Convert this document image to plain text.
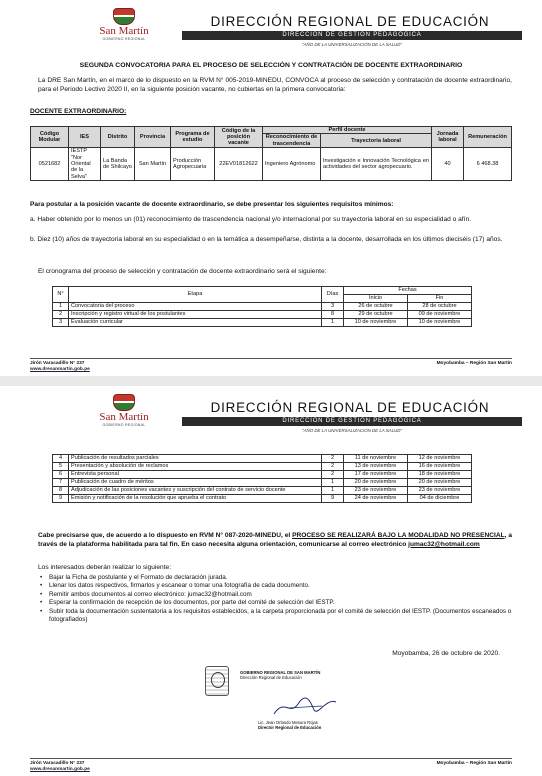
San Martín
GOBIERNO REGIONAL
DIRECCIÓN REGIONAL DE EDUCACIÓN
DIRECCIÓN DE GESTIÓN PEDAGÓGICA
"AÑO DE LA UNIVERSALIZACIÓN DE LA SALUD"
SEGUNDA CONVOCATORIA PARA EL PROCESO DE SELECCIÓN Y CONTRATACIÓN DE DOCENTE EXTRAORDINARIO
La DRE San Martín, en el marco de lo dispuesto en la RVM N° 005-2019-MINEDU, CONVOCA al proceso de selección y contratación de docente extraordinario, para el Periodo Lectivo 2020 II, en la siguiente posición vacante, no cubiertas en la primera convocatoria:
DOCENTE EXTRAORDINARIO:
Código Modular	IES	Distrito	Provincia	Programa de estudio	Código de la posición vacante	Perfil docente		Jornada laboral	Remuneración
						Reconocimiento de trascendencia	Trayectoria laboral		
0521682	IESTP "Nor Oriental de la Selva"	La Banda de Shilcayo	San Martín	Producción Agropecuaria	22EV01812622	Ingeniero Agrónomo	Investigación e Innovación Tecnológica en actividades del sector agropecuario.	40	6 468.38
Para postular a la posición vacante de docente extraordinario, se debe presentar los siguientes requisitos mínimos:
a. Haber obtenido por lo menos un (01) reconocimiento de trascendencia nacional y/o internacional por su trayectoria laboral en su especialidad o afín.
b. Diez (10) años de trayectoria laboral en su especialidad o en la temática a desempeñarse, distinta a la docente, desarrollada en los últimos dieciséis (17) años.
El cronograma del proceso de selección y contratación de docente extraordinario será el siguiente:
N°	Etapa	Días	Fechas	
			Inicio	Fin
1	Convocatoria del proceso	3	26 de octubre	28 de octubre
2	Inscripción y registro virtual de los postulantes	8	29 de octubre	09 de noviembre
3	Evaluación curricular	1	10 de noviembre	10 de noviembre
Jirón Varacadillo N° 237
www.dresanmartin.gob.pe
Moyobamba – Región San Martín
San Martín
GOBIERNO REGIONAL
DIRECCIÓN REGIONAL DE EDUCACIÓN
DIRECCIÓN DE GESTIÓN PEDAGÓGICA
"AÑO DE LA UNIVERSALIZACIÓN DE LA SALUD"
4	Publicación de resultados parciales	2	11 de noviembre	12 de noviembre
5	Presentación y absolución de reclamos	2	13 de noviembre	16 de noviembre
6	Entrevista personal	2	17 de noviembre	18 de noviembre
7	Publicación de cuadro de méritos	1	20 de noviembre	20 de noviembre
8	Adjudicación de las posiciones vacantes y suscripción del contrato de servicio docente	1	23 de noviembre	23 de noviembre
9	Emisión y notificación de la resolución que aprueba el contrato	9	24 de noviembre	04 de diciembre
Cabe precisarse que, de acuerdo a lo dispuesto en RVM N° 087-2020-MINEDU, el PROCESO SE REALIZARÁ BAJO LA MODALIDAD NO PRESENCIAL, a través de la plataforma habilitada para tal fin. En caso necesita alguna orientación, comunicarse al correo electrónico jumac32@hotmail.com
Los interesados deberán realizar lo siguiente:
• Bajar la Ficha de postulante y el Formato de declaración jurada.
• Llenar los datos respectivos, firmarlos y escanear o tomar una fotografía de cada documento.
• Remitir ambos documentos al correo electrónico: jumac32@hotmail.com
• Esperar la confirmación de recepción de los documentos, por parte del comité de selección del IESTP.
• Subir toda la documentación sustentatoria a los requisitos establecidos, a la carpeta proporcionada por el comité de selección del IESTP. (Documentos escaneados o fotografiados)
Moyobamba, 26 de octubre de 2020.
GOBIERNO REGIONAL DE SAN MARTÍN
Dirección Regional de Educación
Lic. Jean Orlando Mesura Rojas
Director Regional de Educación
Jirón Varacadillo N° 237
www.dresanmartin.gob.pe
Moyobamba – Región San Martín
